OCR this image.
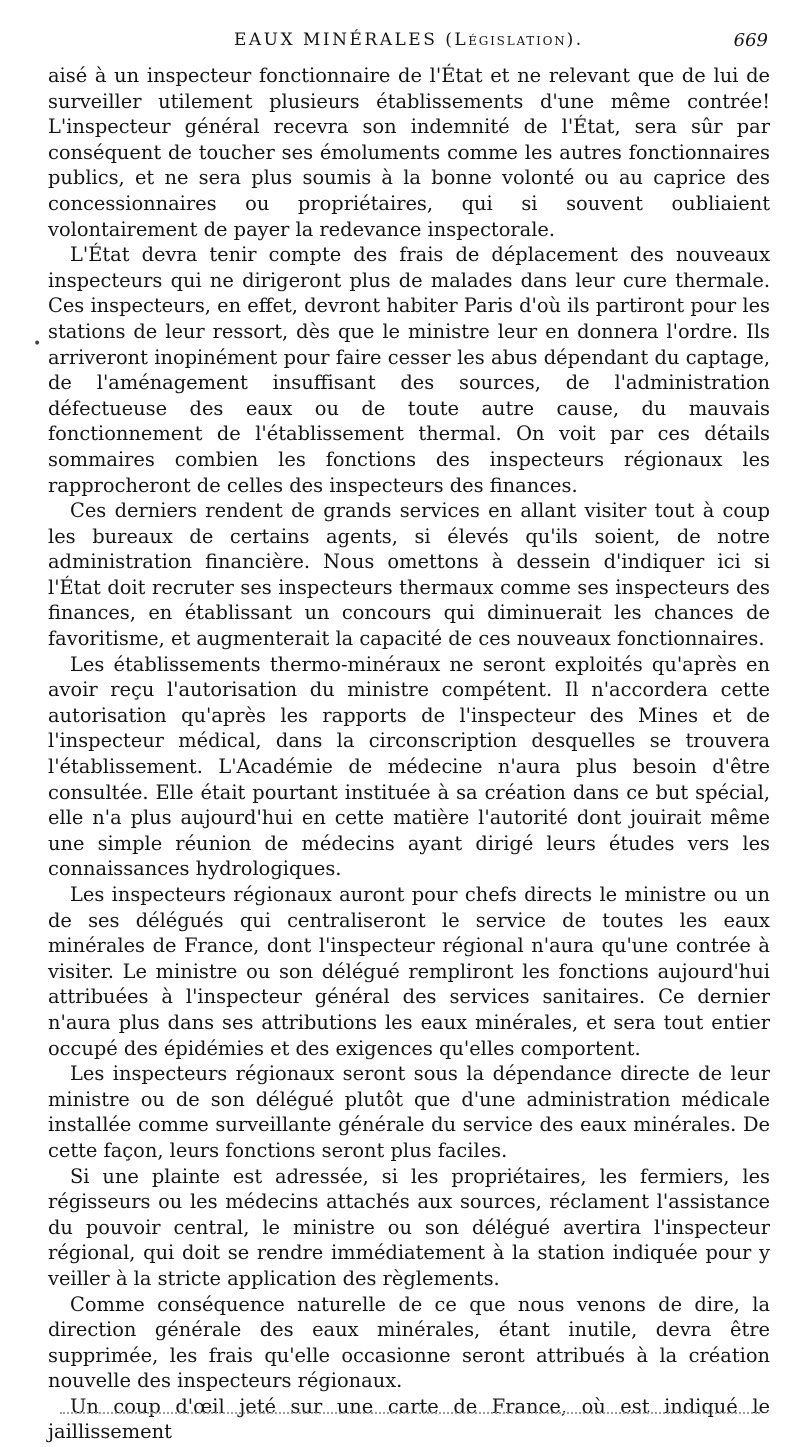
EAUX MINÉRALES (LÉGISLATION).	669
•

aisé à un inspecteur fonctionnaire de l'État et ne relevant que de lui de surveiller utilement plusieurs établissements d'une même contrée! L'inspecteur général recevra son indemnité de l'État, sera sûr par conséquent de toucher ses émoluments comme les autres fonctionnaires publics, et ne sera plus soumis à la bonne volonté ou au caprice des concessionnaires ou propriétaires, qui si souvent oubliaient volontairement de payer la redevance inspectorale.

L'État devra tenir compte des frais de déplacement des nouveaux inspecteurs qui ne dirigeront plus de malades dans leur cure thermale. Ces inspecteurs, en effet, devront habiter Paris d'où ils partiront pour les stations de leur ressort, dès que le ministre leur en donnera l'ordre. Ils arriveront inopinément pour faire cesser les abus dépendant du captage, de l'aménagement insuffisant des sources, de l'administration défectueuse des eaux ou de toute autre cause, du mauvais fonctionnement de l'établissement thermal. On voit par ces détails sommaires combien les fonctions des inspecteurs régionaux les rapprocheront de celles des inspecteurs des finances.

Ces derniers rendent de grands services en allant visiter tout à coup les bureaux de certains agents, si élevés qu'ils soient, de notre administration financière. Nous omettons à dessein d'indiquer ici si l'État doit recruter ses inspecteurs thermaux comme ses inspecteurs des finances, en établissant un concours qui diminuerait les chances de favoritisme, et augmenterait la capacité de ces nouveaux fonctionnaires.

Les établissements thermo-minéraux ne seront exploités qu'après en avoir reçu l'autorisation du ministre compétent. Il n'accordera cette autorisation qu'après les rapports de l'inspecteur des Mines et de l'inspecteur médical, dans la circonscription desquelles se trouvera l'établissement. L'Académie de médecine n'aura plus besoin d'être consultée. Elle était pourtant instituée à sa création dans ce but spécial, elle n'a plus aujourd'hui en cette matière l'autorité dont jouirait même une simple réunion de médecins ayant dirigé leurs études vers les connaissances hydrologiques.

Les inspecteurs régionaux auront pour chefs directs le ministre ou un de ses délégués qui centraliseront le service de toutes les eaux minérales de France, dont l'inspecteur régional n'aura qu'une contrée à visiter. Le ministre ou son délégué rempliront les fonctions aujourd'hui attribuées à l'inspecteur général des services sanitaires. Ce dernier n'aura plus dans ses attributions les eaux minérales, et sera tout entier occupé des épidémies et des exigences qu'elles comportent.

Les inspecteurs régionaux seront sous la dépendance directe de leur ministre ou de son délégué plutôt que d'une administration médicale installée comme surveillante générale du service des eaux minérales. De cette façon, leurs fonctions seront plus faciles.

Si une plainte est adressée, si les propriétaires, les fermiers, les régisseurs ou les médecins attachés aux sources, réclament l'assistance du pouvoir central, le ministre ou son délégué avertira l'inspecteur régional, qui doit se rendre immédiatement à la station indiquée pour y veiller à la stricte application des règlements.

Comme conséquence naturelle de ce que nous venons de dire, la direction générale des eaux minérales, étant inutile, devra être supprimée, les frais qu'elle occasionne seront attribués à la création nouvelle des inspecteurs régionaux.

Un coup d'œil jeté sur une carte de France, où est indiqué le jaillissement
